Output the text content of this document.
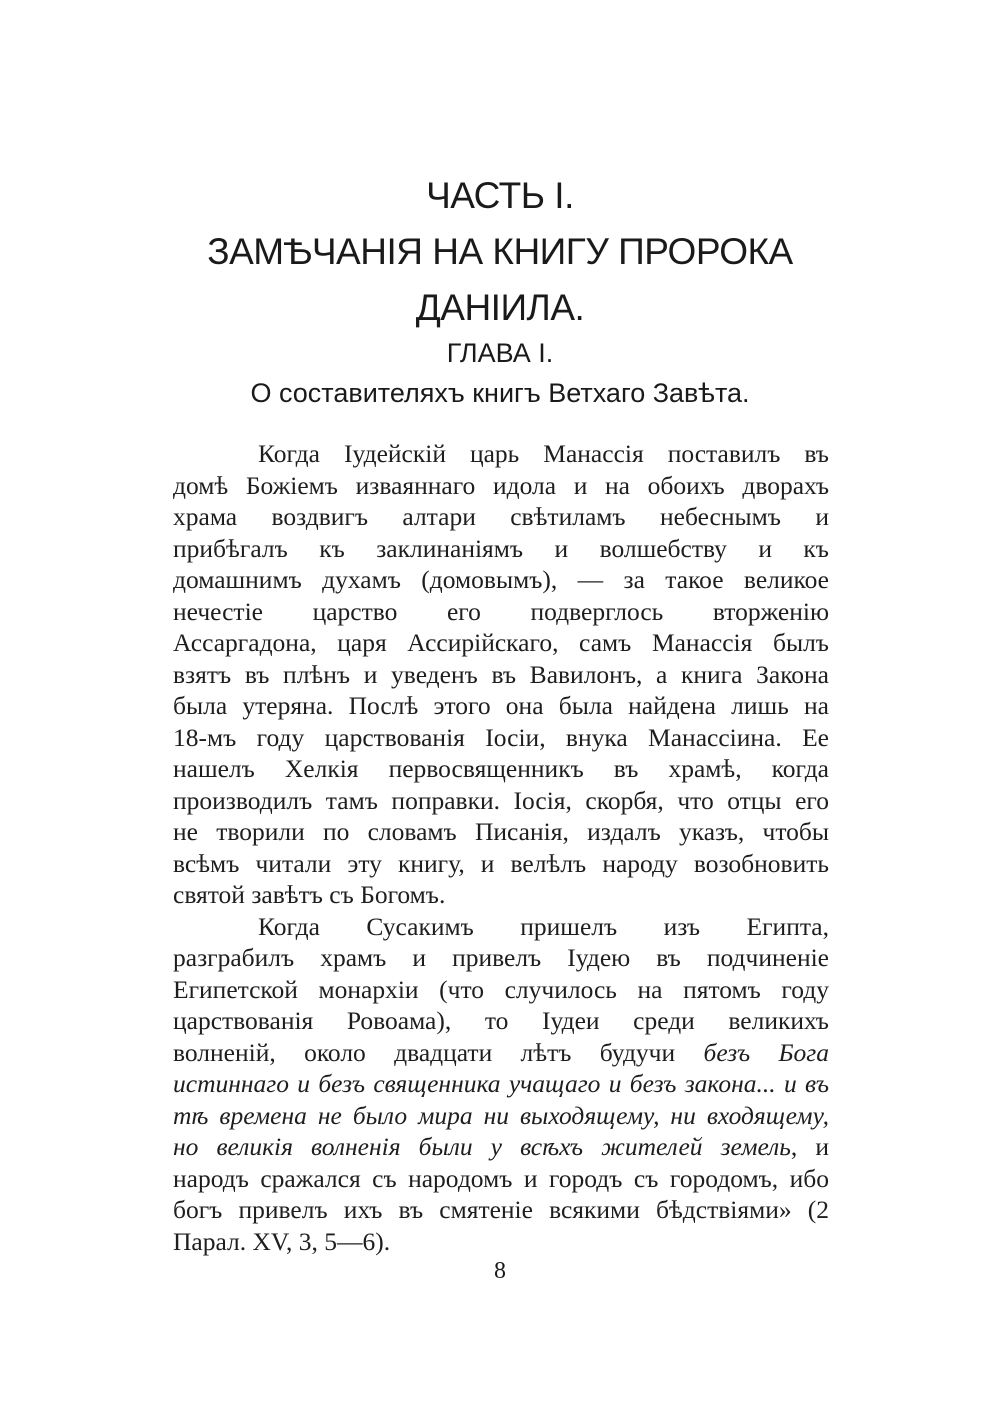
ЧАСТЬ I.
ЗАМѢЧАНІЯ НА КНИГУ ПРОРОКА
ДАНIИЛА.
ГЛАВА I.
О составителяхъ книгъ Ветхаго Завѣта.
Когда Iудейскій царь Манассія поставилъ въ
домѣ Божіемъ изваяннаго идола и на обоихъ дворахъ
храма воздвигъ алтари свѣтиламъ небеснымъ и
прибѣгалъ къ заклинаніямъ и волшебству и къ
домашнимъ духамъ (домовымъ), — за такое великое
нечестіе царство его подверглось вторженію
Ассаргадона, царя Ассирійскаго, самъ Манассія былъ
взятъ въ плѣнъ и уведенъ въ Вавилонъ, а книга Закона
была утеряна. Послѣ этого она была найдена лишь на
18-мъ году царствованія Iосіи, внука Манассіина. Ее
нашелъ Хелкія первосвященникъ въ храмѣ, когда
производилъ тамъ поправки. Iосія, скорбя, что отцы его
не творили по словамъ Писанія, издалъ указъ, чтобы
всѣмъ читали эту книгу, и велѣлъ народу возобновить
святой завѣтъ съ Богомъ.
Когда Сусакимъ пришелъ изъ Египта,
разграбилъ храмъ и привелъ Iудею въ подчиненіе
Египетской монархіи (что случилось на пятомъ году
царствованія Ровоама), то Iудеи среди великихъ
волненій, около двадцати лѣтъ будучи безъ Бога
истиннаго и безъ священника учащаго и безъ закона... и въ
тѣ времена не было мира ни выходящему, ни входящему,
но великія волненія были у всѣхъ жителей земель, и
народъ сражался съ народомъ и городъ съ городомъ, ибо
богъ привелъ ихъ въ смятеніе всякими бѣдствіями» (2
Парал. XV, 3, 5—6).
8
